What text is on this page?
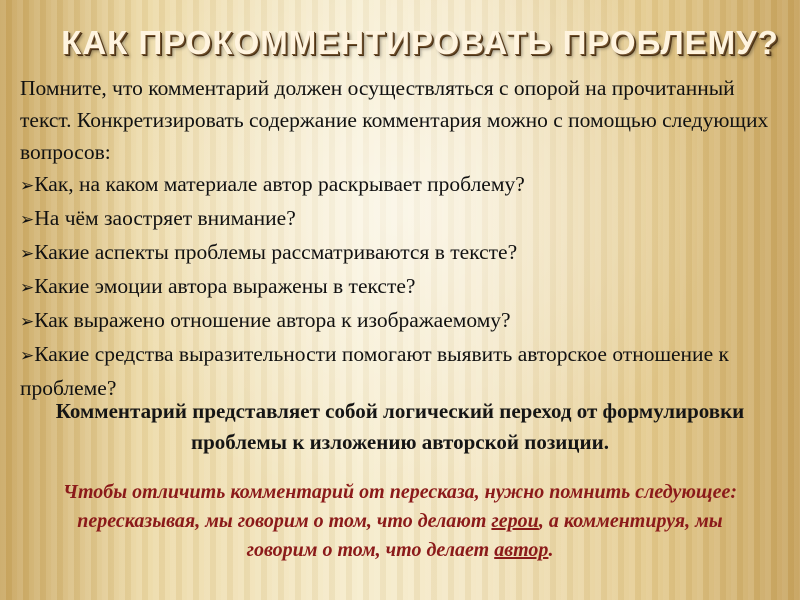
КАК ПРОКОММЕНТИРОВАТЬ ПРОБЛЕМУ?

Помните, что комментарий должен осуществляться с опорой на прочитанный текст. Конкретизировать содержание комментария можно с помощью следующих вопросов:

➢Как, на каком материале автор раскрывает проблему?
➢На чём заостряет внимание?
➢Какие аспекты проблемы рассматриваются в тексте?
➢Какие эмоции автора выражены в тексте?
➢Как выражено отношение автора к изображаемому?
➢Какие средства выразительности помогают выявить авторское отношение к проблеме?
Комментарий представляет собой логический переход от формулировки проблемы к изложению авторской позиции.
Чтобы отличить комментарий от пересказа, нужно помнить следующее: пересказывая, мы говорим о том, что делают герои, а комментируя, мы говорим о том, что делает автор.
